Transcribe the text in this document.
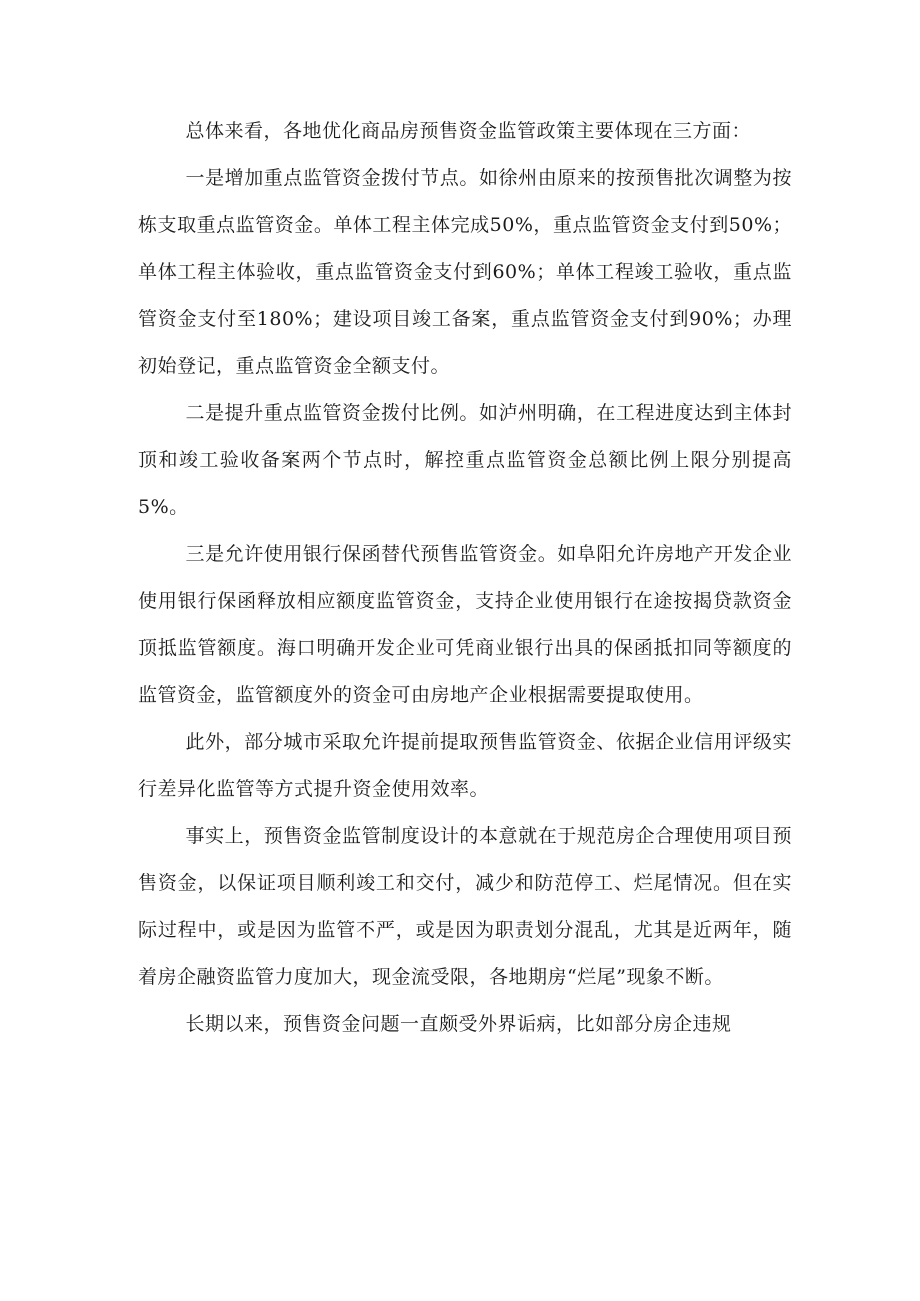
总体来看，各地优化商品房预售资金监管政策主要体现在三方面：

一是增加重点监管资金拨付节点。如徐州由原来的按预售批次调整为按栋支取重点监管资金。单体工程主体完成50%，重点监管资金支付到50%；单体工程主体验收，重点监管资金支付到60%；单体工程竣工验收，重点监管资金支付至180%；建设项目竣工备案，重点监管资金支付到90%；办理初始登记，重点监管资金全额支付。

二是提升重点监管资金拨付比例。如泸州明确，在工程进度达到主体封顶和竣工验收备案两个节点时，解控重点监管资金总额比例上限分别提高5%。

三是允许使用银行保函替代预售监管资金。如阜阳允许房地产开发企业使用银行保函释放相应额度监管资金，支持企业使用银行在途按揭贷款资金顶抵监管额度。海口明确开发企业可凭商业银行出具的保函抵扣同等额度的监管资金，监管额度外的资金可由房地产企业根据需要提取使用。

此外，部分城市采取允许提前提取预售监管资金、依据企业信用评级实行差异化监管等方式提升资金使用效率。

事实上，预售资金监管制度设计的本意就在于规范房企合理使用项目预售资金，以保证项目顺利竣工和交付，减少和防范停工、烂尾情况。但在实际过程中，或是因为监管不严，或是因为职责划分混乱，尤其是近两年，随着房企融资监管力度加大，现金流受限，各地期房“烂尾”现象不断。

长期以来，预售资金问题一直颇受外界诟病，比如部分房企违规
